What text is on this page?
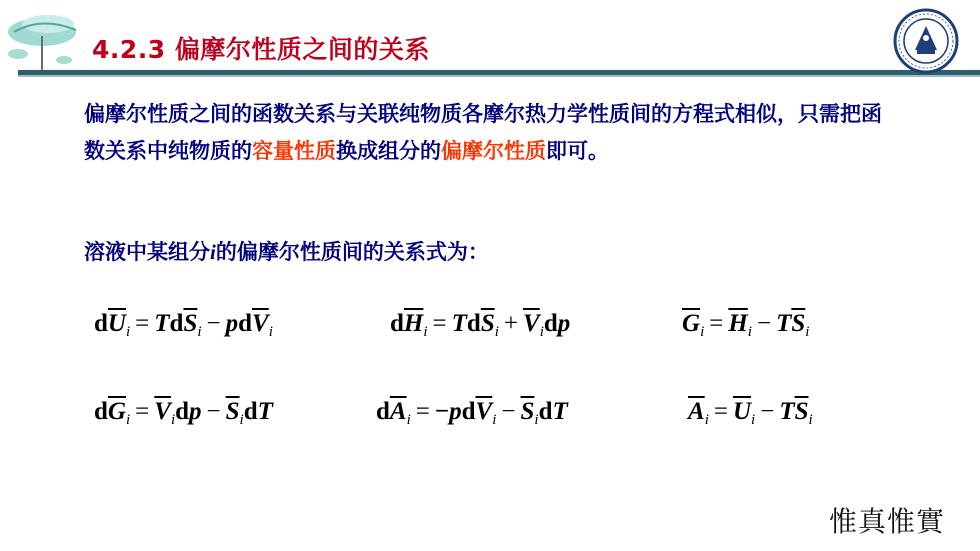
4.2.3 偏摩尔性质之间的关系

偏摩尔性质之间的函数关系与关联纯物质各摩尔热力学性质间的方程式相似，只需把函数关系中纯物质的容量性质换成组分的偏摩尔性质即可。

溶液中某组分i的偏摩尔性质间的关系式为：

$d\overline{U}_i = Td\overline{S}_i - pd\overline{V}_i$	$d\overline{H}_i = Td\overline{S}_i + \overline{V}_idp$	$\overline{G}_i = \overline{H}_i - T\overline{S}_i$
$d\overline{G}_i = \overline{V}_idp - \overline{S}_idT$	$d\overline{A}_i = -pd\overline{V}_i - \overline{S}_idT$	$\overline{A}_i = \overline{U}_i - T\overline{S}_i$
惟真惟實
